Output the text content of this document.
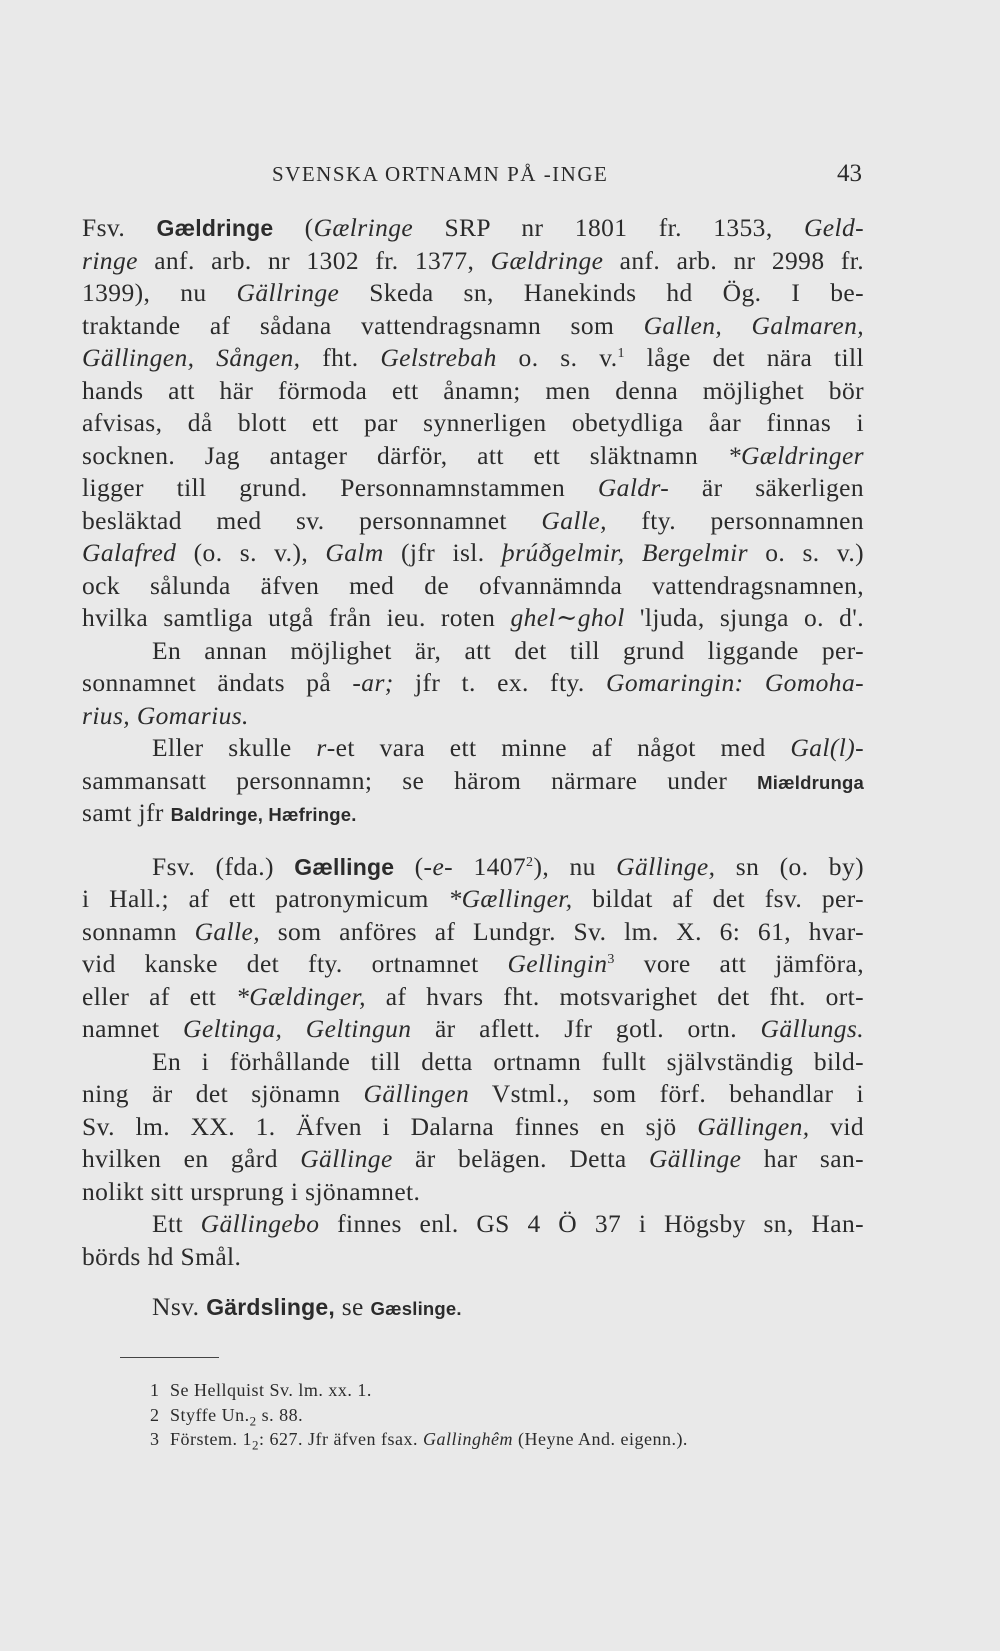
SVENSKA ORTNAMN PÅ -INGE	43
Fsv. Gældringe (Gælringe SRP nr 1801 fr. 1353, Geld-
ringe anf. arb. nr 1302 fr. 1377, Gældringe anf. arb. nr 2998 fr.
1399), nu Gällringe Skeda sn, Hanekinds hd Ög. I be-
traktande af sådana vattendragsnamn som Gallen, Galmaren,
Gällingen, Sången, fht. Gelstrebah o. s. v.$^1$ låge det nära till
hands att här förmoda ett ånamn; men denna möjlighet bör
afvisas, då blott ett par synnerligen obetydliga åar finnas i
socknen. Jag antager därför, att ett släktnamn *Gældringer
ligger till grund. Personnamnstammen Galdr- är säkerligen
besläktad med sv. personnamnet Galle, fty. personnamnen
Galafred (o. s. v.), Galm (jfr isl. þrúðgelmir, Bergelmir o. s. v.)
ock sålunda äfven med de ofvannämnda vattendragsnamnen,
hvilka samtliga utgå från ieu. roten ghel∼ghol 'ljuda, sjunga o. d'.
En annan möjlighet är, att det till grund liggande per-
sonnamnet ändats på -ar; jfr t. ex. fty. Gomaringin: Gomoha-
rius, Gomarius.
Eller skulle r-et vara ett minne af något med Gal(l)-
sammansatt personnamn; se härom närmare under Miældrunga
samt jfr Baldringe, Hæfringe.
Fsv. (fda.) Gællinge (-e- 1407$^2$), nu Gällinge, sn (o. by)
i Hall.; af ett patronymicum *Gællinger, bildat af det fsv. per-
sonnamn Galle, som anföres af Lundgr. Sv. lm. X. 6: 61, hvar-
vid kanske det fty. ortnamnet Gellingin$^3$ vore att jämföra,
eller af ett *Gældinger, af hvars fht. motsvarighet det fht. ort-
namnet Geltinga, Geltingun är aflett. Jfr gotl. ortn. Gällungs.
En i förhållande till detta ortnamn fullt självständig bild-
ning är det sjönamn Gällingen Vstml., som förf. behandlar i
Sv. lm. XX. 1. Äfven i Dalarna finnes en sjö Gällingen, vid
hvilken en gård Gällinge är belägen. Detta Gällinge har san-
nolikt sitt ursprung i sjönamnet.
Ett Gällingebo finnes enl. GS 4 Ö 37 i Högsby sn, Han-
börds hd Smål.
Nsv. Gärdslinge, se Gæslinge.
1 Se Hellquist Sv. lm. xx. 1.
2 Styffe $Un._2$ s. 88.
3 Förstem. $1_2$: 627. Jfr äfven fsax. Gallinghêm (Heyne And. eigenn.).
